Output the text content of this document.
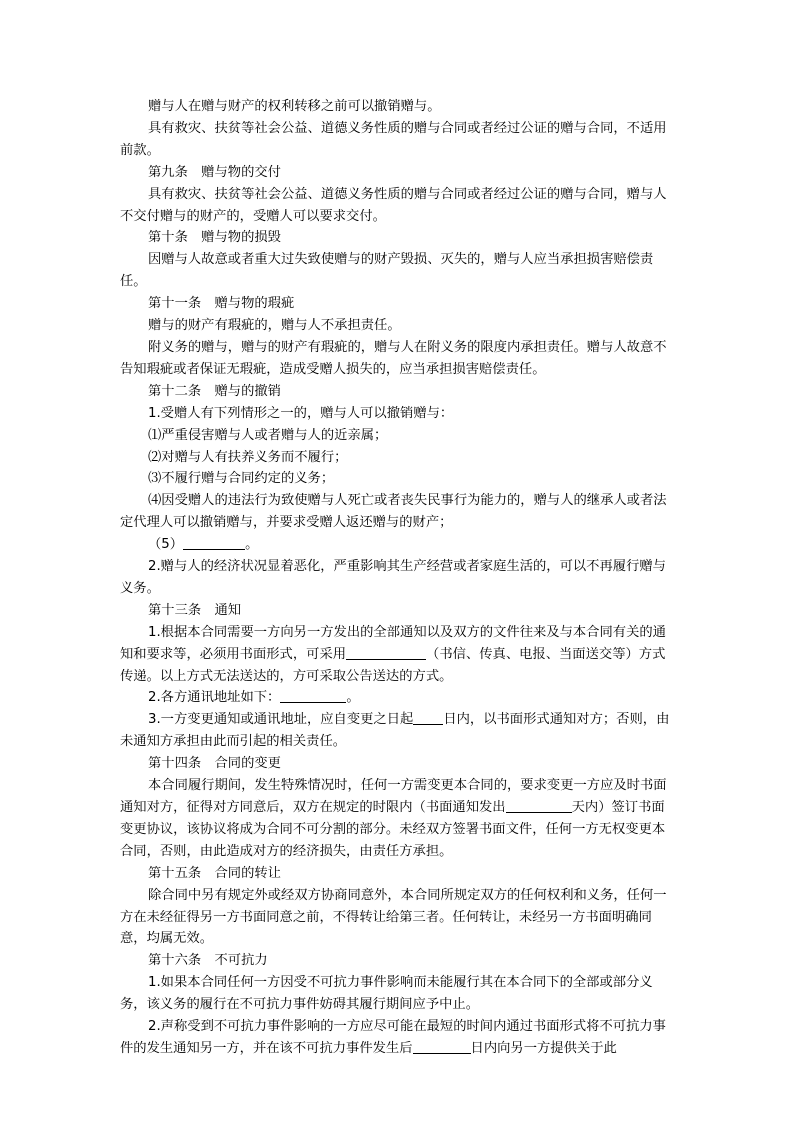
赠与人在赠与财产的权利转移之前可以撤销赠与。

具有救灾、扶贫等社会公益、道德义务性质的赠与合同或者经过公证的赠与合同，不适用前款。

第九条　赠与物的交付

具有救灾、扶贫等社会公益、道德义务性质的赠与合同或者经过公证的赠与合同，赠与人不交付赠与的财产的，受赠人可以要求交付。

第十条　赠与物的损毁

因赠与人故意或者重大过失致使赠与的财产毁损、灭失的，赠与人应当承担损害赔偿责任。

第十一条　赠与物的瑕疵

赠与的财产有瑕疵的，赠与人不承担责任。

附义务的赠与，赠与的财产有瑕疵的，赠与人在附义务的限度内承担责任。赠与人故意不告知瑕疵或者保证无瑕疵，造成受赠人损失的，应当承担损害赔偿责任。

第十二条　赠与的撤销

1.受赠人有下列情形之一的，赠与人可以撤销赠与：

⑴严重侵害赠与人或者赠与人的近亲属；

⑵对赠与人有扶养义务而不履行；

⑶不履行赠与合同约定的义务；

⑷因受赠人的违法行为致使赠与人死亡或者丧失民事行为能力的，赠与人的继承人或者法定代理人可以撤销赠与，并要求受赠人返还赠与的财产；

（5）	。

2.赠与人的经济状况显着恶化，严重影响其生产经营或者家庭生活的，可以不再履行赠与义务。

第十三条　通知

1.根据本合同需要一方向另一方发出的全部通知以及双方的文件往来及与本合同有关的通知和要求等，必须用书面形式，可采用	（书信、传真、电报、当面送交等）方式传递。以上方式无法送达的，方可采取公告送达的方式。

2.各方通讯地址如下：	。

3.一方变更通知或通讯地址，应自变更之日起 日内，以书面形式通知对方；否则，由未通知方承担由此而引起的相关责任。

第十四条　合同的变更

本合同履行期间，发生特殊情况时，任何一方需变更本合同的，要求变更一方应及时书面通知对方，征得对方同意后，双方在规定的时限内（书面通知发出	天内）签订书面变更协议，该协议将成为合同不可分割的部分。未经双方签署书面文件，任何一方无权变更本合同，否则，由此造成对方的经济损失，由责任方承担。

第十五条　合同的转让

除合同中另有规定外或经双方协商同意外，本合同所规定双方的任何权利和义务，任何一方在未经征得另一方书面同意之前，不得转让给第三者。任何转让，未经另一方书面明确同意，均属无效。

第十六条　不可抗力

1.如果本合同任何一方因受不可抗力事件影响而未能履行其在本合同下的全部或部分义务，该义务的履行在不可抗力事件妨碍其履行期间应予中止。

2.声称受到不可抗力事件影响的一方应尽可能在最短的时间内通过书面形式将不可抗力事件的发生通知另一方，并在该不可抗力事件发生后	日内向另一方提供关于此
